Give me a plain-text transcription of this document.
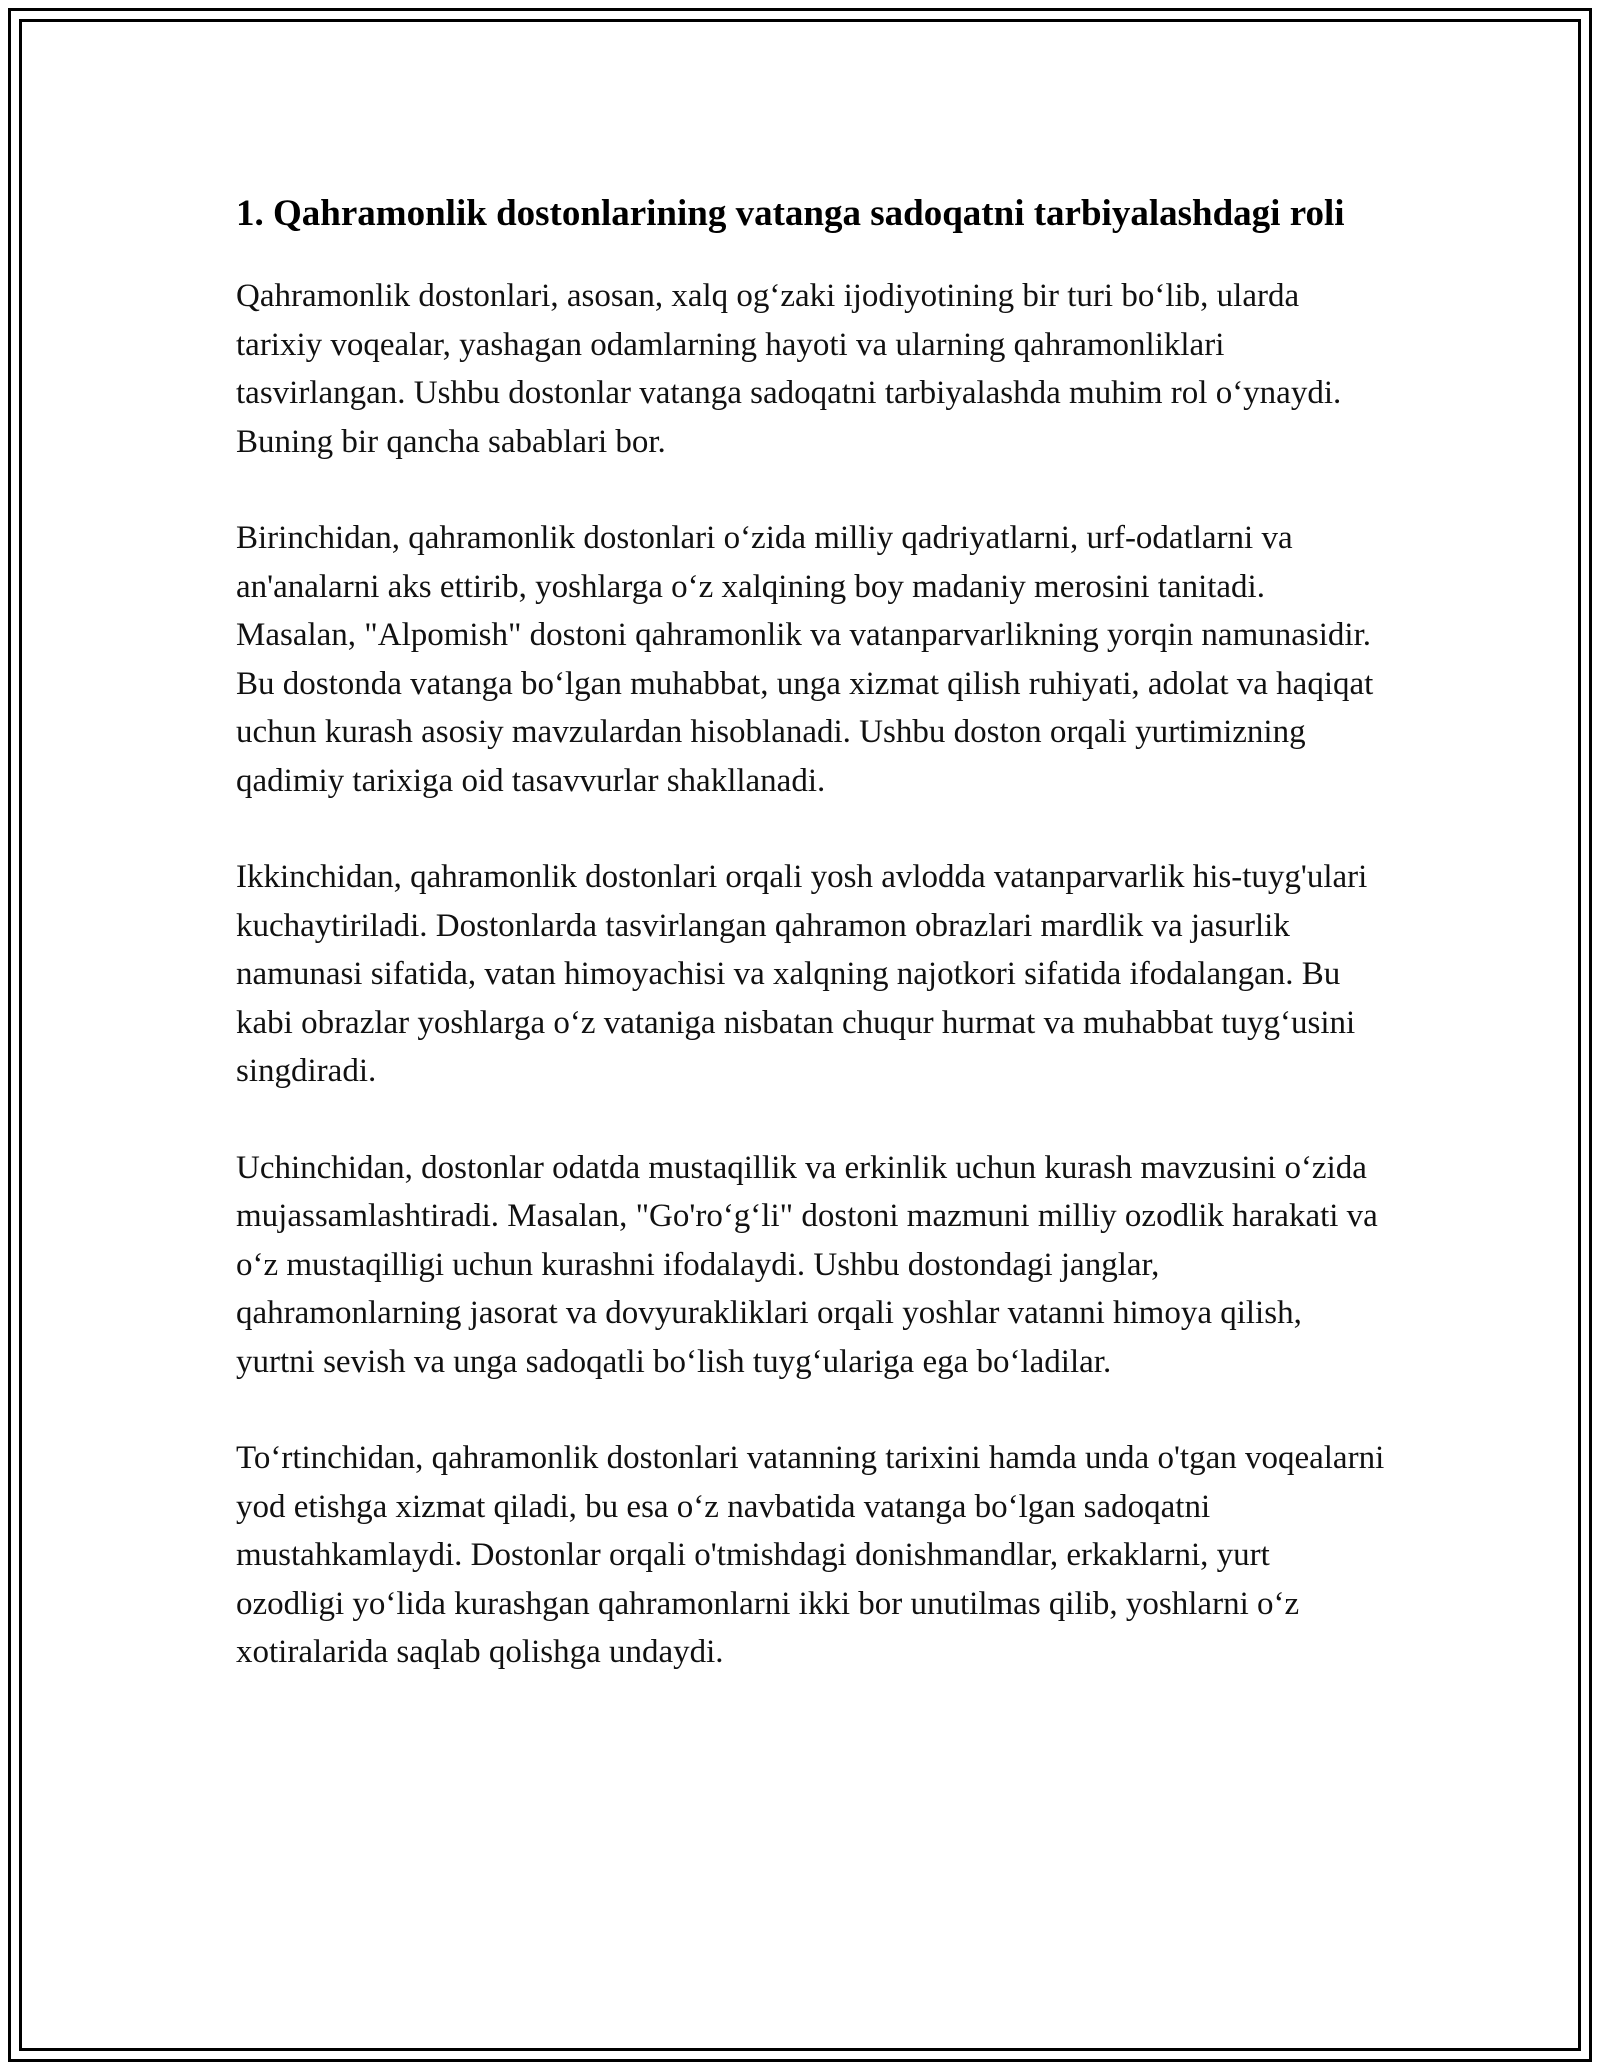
1. Qahramonlik dostonlarining vatanga sadoqatni tarbiyalashdagi roli

Qahramonlik dostonlari, asosan, xalq og‘zaki ijodiyotining bir turi bo‘lib, ularda tarixiy voqealar, yashagan odamlarning hayoti va ularning qahramonliklari tasvirlangan. Ushbu dostonlar vatanga sadoqatni tarbiyalashda muhim rol o‘ynaydi. Buning bir qancha sabablari bor.

Birinchidan, qahramonlik dostonlari o‘zida milliy qadriyatlarni, urf-odatlarni va an'analarni aks ettirib, yoshlarga o‘z xalqining boy madaniy merosini tanitadi. Masalan, "Alpomish" dostoni qahramonlik va vatanparvarlikning yorqin namunasidir. Bu dostonda vatanga bo‘lgan muhabbat, unga xizmat qilish ruhiyati, adolat va haqiqat uchun kurash asosiy mavzulardan hisoblanadi. Ushbu doston orqali yurtimizning qadimiy tarixiga oid tasavvurlar shakllanadi.

Ikkinchidan, qahramonlik dostonlari orqali yosh avlodda vatanparvarlik his-tuyg'ulari kuchaytiriladi. Dostonlarda tasvirlangan qahramon obrazlari mardlik va jasurlik namunasi sifatida, vatan himoyachisi va xalqning najotkori sifatida ifodalangan. Bu kabi obrazlar yoshlarga o‘z vataniga nisbatan chuqur hurmat va muhabbat tuyg‘usini singdiradi.

Uchinchidan, dostonlar odatda mustaqillik va erkinlik uchun kurash mavzusini o‘zida mujassamlashtiradi. Masalan, "Go'ro‘g‘li" dostoni mazmuni milliy ozodlik harakati va o‘z mustaqilligi uchun kurashni ifodalaydi. Ushbu dostondagi janglar, qahramonlarning jasorat va dovyurakliklari orqali yoshlar vatanni himoya qilish, yurtni sevish va unga sadoqatli bo‘lish tuyg‘ulariga ega bo‘ladilar.

To‘rtinchidan, qahramonlik dostonlari vatanning tarixini hamda unda o'tgan voqealarni yod etishga xizmat qiladi, bu esa o‘z navbatida vatanga bo‘lgan sadoqatni mustahkamlaydi. Dostonlar orqali o'tmishdagi donishmandlar, erkaklarni, yurt ozodligi yo‘lida kurashgan qahramonlarni ikki bor unutilmas qilib, yoshlarni o‘z xotiralarida saqlab qolishga undaydi.
